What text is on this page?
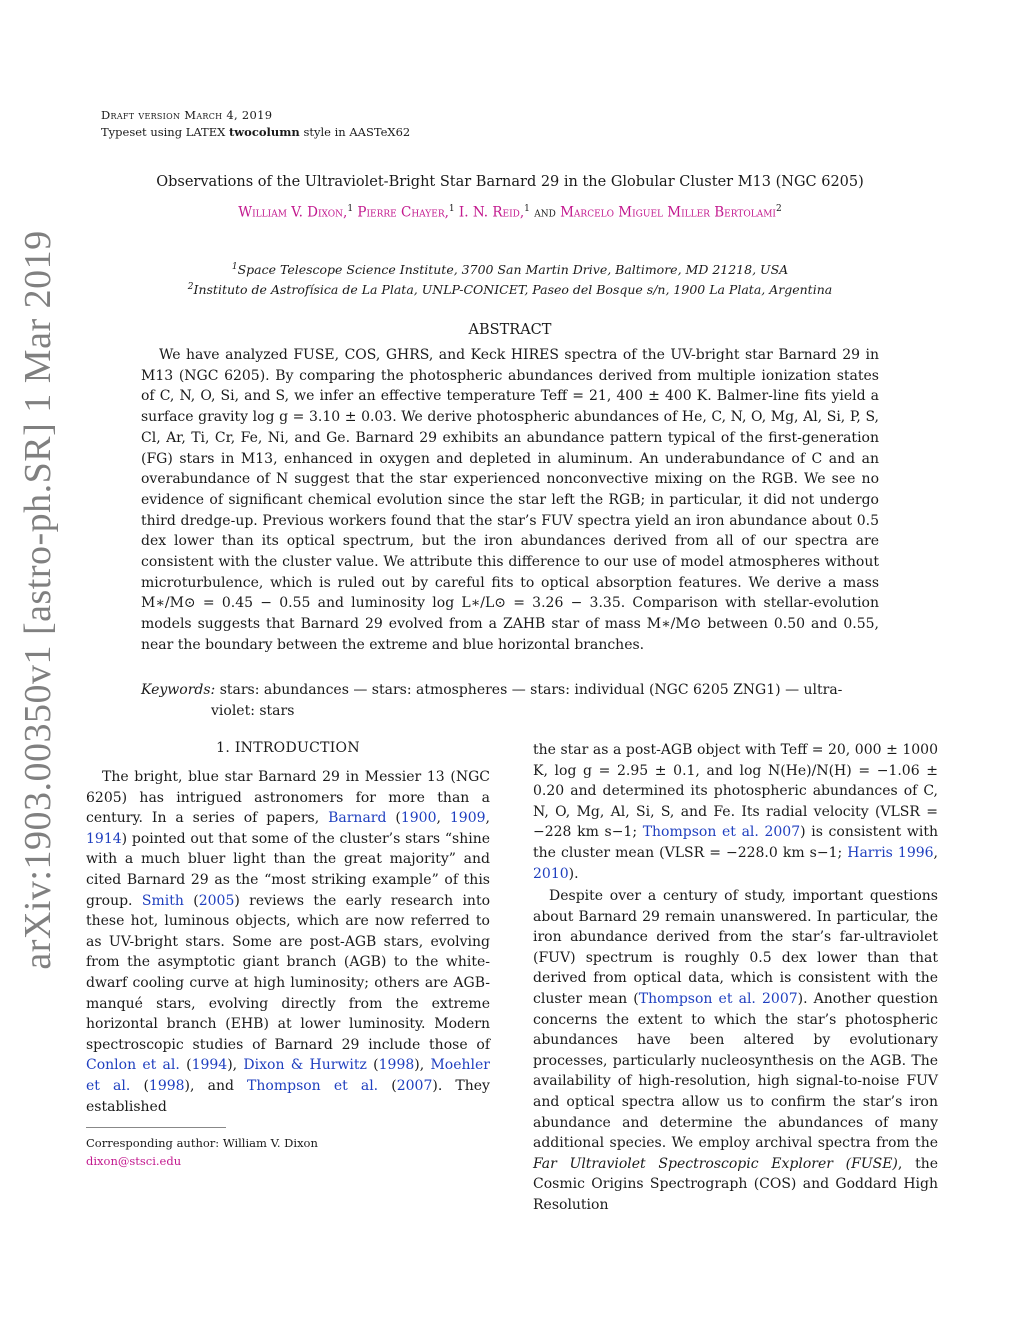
arXiv:1903.00350v1 [astro-ph.SR] 1 Mar 2019
Draft version March 4, 2019
Typeset using LATEX twocolumn style in AASTeX62
Observations of the Ultraviolet-Bright Star Barnard 29 in the Globular Cluster M13 (NGC 6205)
William V. Dixon,$^1$ Pierre Chayer,$^1$ I. N. Reid,$^1$ and Marcelo Miguel Miller Bertolami$^2$
$^1$Space Telescope Science Institute, 3700 San Martin Drive, Baltimore, MD 21218, USA
$^2$Instituto de Astrofísica de La Plata, UNLP-CONICET, Paseo del Bosque s/n, 1900 La Plata, Argentina
ABSTRACT
We have analyzed FUSE, COS, GHRS, and Keck HIRES spectra of the UV-bright star Barnard 29 in M13 (NGC 6205). By comparing the photospheric abundances derived from multiple ionization states of C, N, O, Si, and S, we infer an effective temperature Teff = 21, 400 ± 400 K. Balmer-line fits yield a surface gravity log g = 3.10 ± 0.03. We derive photospheric abundances of He, C, N, O, Mg, Al, Si, P, S, Cl, Ar, Ti, Cr, Fe, Ni, and Ge. Barnard 29 exhibits an abundance pattern typical of the first-generation (FG) stars in M13, enhanced in oxygen and depleted in aluminum. An underabundance of C and an overabundance of N suggest that the star experienced nonconvective mixing on the RGB. We see no evidence of significant chemical evolution since the star left the RGB; in particular, it did not undergo third dredge-up. Previous workers found that the star’s FUV spectra yield an iron abundance about 0.5 dex lower than its optical spectrum, but the iron abundances derived from all of our spectra are consistent with the cluster value. We attribute this difference to our use of model atmospheres without microturbulence, which is ruled out by careful fits to optical absorption features. We derive a mass M∗/M⊙ = 0.45 − 0.55 and luminosity log L∗/L⊙ = 3.26 − 3.35. Comparison with stellar-evolution models suggests that Barnard 29 evolved from a ZAHB star of mass M∗/M⊙ between 0.50 and 0.55, near the boundary between the extreme and blue horizontal branches.
Keywords: stars: abundances — stars: atmospheres — stars: individual (NGC 6205 ZNG1) — ultra-
violet: stars
1. INTRODUCTION
The bright, blue star Barnard 29 in Messier 13 (NGC 6205) has intrigued astronomers for more than a century. In a series of papers, Barnard (1900, 1909, 1914) pointed out that some of the cluster’s stars “shine with a much bluer light than the great majority” and cited Barnard 29 as the “most striking example” of this group. Smith (2005) reviews the early research into these hot, luminous objects, which are now referred to as UV-bright stars. Some are post-AGB stars, evolving from the asymptotic giant branch (AGB) to the white-dwarf cooling curve at high luminosity; others are AGB-manqué stars, evolving directly from the extreme horizontal branch (EHB) at lower luminosity. Modern spectroscopic studies of Barnard 29 include those of Conlon et al. (1994), Dixon & Hurwitz (1998), Moehler et al. (1998), and Thompson et al. (2007). They established
the star as a post-AGB object with Teff = 20, 000 ± 1000 K, log g = 2.95 ± 0.1, and log N(He)/N(H) = −1.06 ± 0.20 and determined its photospheric abundances of C, N, O, Mg, Al, Si, S, and Fe. Its radial velocity (VLSR = −228 km s−1; Thompson et al. 2007) is consistent with the cluster mean (VLSR = −228.0 km s−1; Harris 1996, 2010).
Despite over a century of study, important questions about Barnard 29 remain unanswered. In particular, the iron abundance derived from the star’s far-ultraviolet (FUV) spectrum is roughly 0.5 dex lower than that derived from optical data, which is consistent with the cluster mean (Thompson et al. 2007). Another question concerns the extent to which the star’s photospheric abundances have been altered by evolutionary processes, particularly nucleosynthesis on the AGB. The availability of high-resolution, high signal-to-noise FUV and optical spectra allow us to confirm the star’s iron abundance and determine the abundances of many additional species. We employ archival spectra from the Far Ultraviolet Spectroscopic Explorer (FUSE), the Cosmic Origins Spectrograph (COS) and Goddard High Resolution
Corresponding author: William V. Dixon
dixon@stsci.edu
